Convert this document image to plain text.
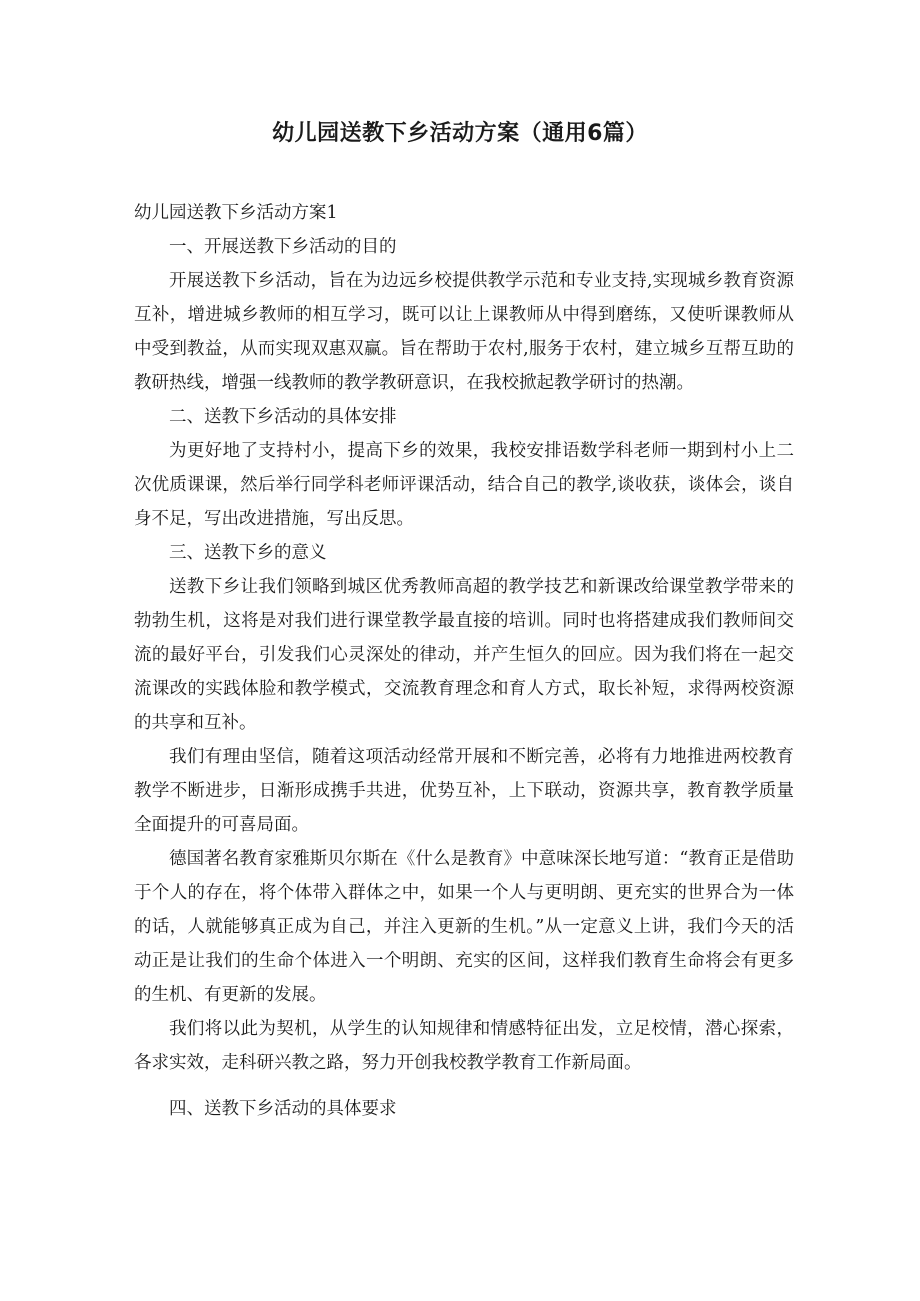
幼儿园送教下乡活动方案（通用6篇）

幼儿园送教下乡活动方案1

一、开展送教下乡活动的目的

开展送教下乡活动，旨在为边远乡校提供教学示范和专业支持,实现城乡教育资源互补，增进城乡教师的相互学习，既可以让上课教师从中得到磨练，又使听课教师从中受到教益，从而实现双惠双赢。旨在帮助于农村,服务于农村，建立城乡互帮互助的教研热线，增强一线教师的教学教研意识，在我校掀起教学研讨的热潮。

二、送教下乡活动的具体安排

为更好地了支持村小，提高下乡的效果，我校安排语数学科老师一期到村小上二次优质课课，然后举行同学科老师评课活动，结合自己的教学,谈收获，谈体会，谈自身不足，写出改进措施，写出反思。

三、送教下乡的意义

送教下乡让我们领略到城区优秀教师高超的教学技艺和新课改给课堂教学带来的勃勃生机，这将是对我们进行课堂教学最直接的培训。同时也将搭建成我们教师间交流的最好平台，引发我们心灵深处的律动，并产生恒久的回应。因为我们将在一起交流课改的实践体脸和教学模式，交流教育理念和育人方式，取长补短，求得两校资源的共享和互补。

我们有理由坚信，随着这项活动经常开展和不断完善，必将有力地推进两校教育教学不断进步，日渐形成携手共进，优势互补，上下联动，资源共享，教育教学质量全面提升的可喜局面。

德国著名教育家雅斯贝尔斯在《什么是教育》中意味深长地写道：“教育正是借助于个人的存在，将个体带入群体之中，如果一个人与更明朗、更充实的世界合为一体的话，人就能够真正成为自己，并注入更新的生机。”从一定意义上讲，我们今天的活动正是让我们的生命个体进入一个明朗、充实的区间，这样我们教育生命将会有更多的生机、有更新的发展。

我们将以此为契机，从学生的认知规律和情感特征出发，立足校情，潜心探索，各求实效，走科研兴教之路，努力开创我校教学教育工作新局面。

四、送教下乡活动的具体要求
